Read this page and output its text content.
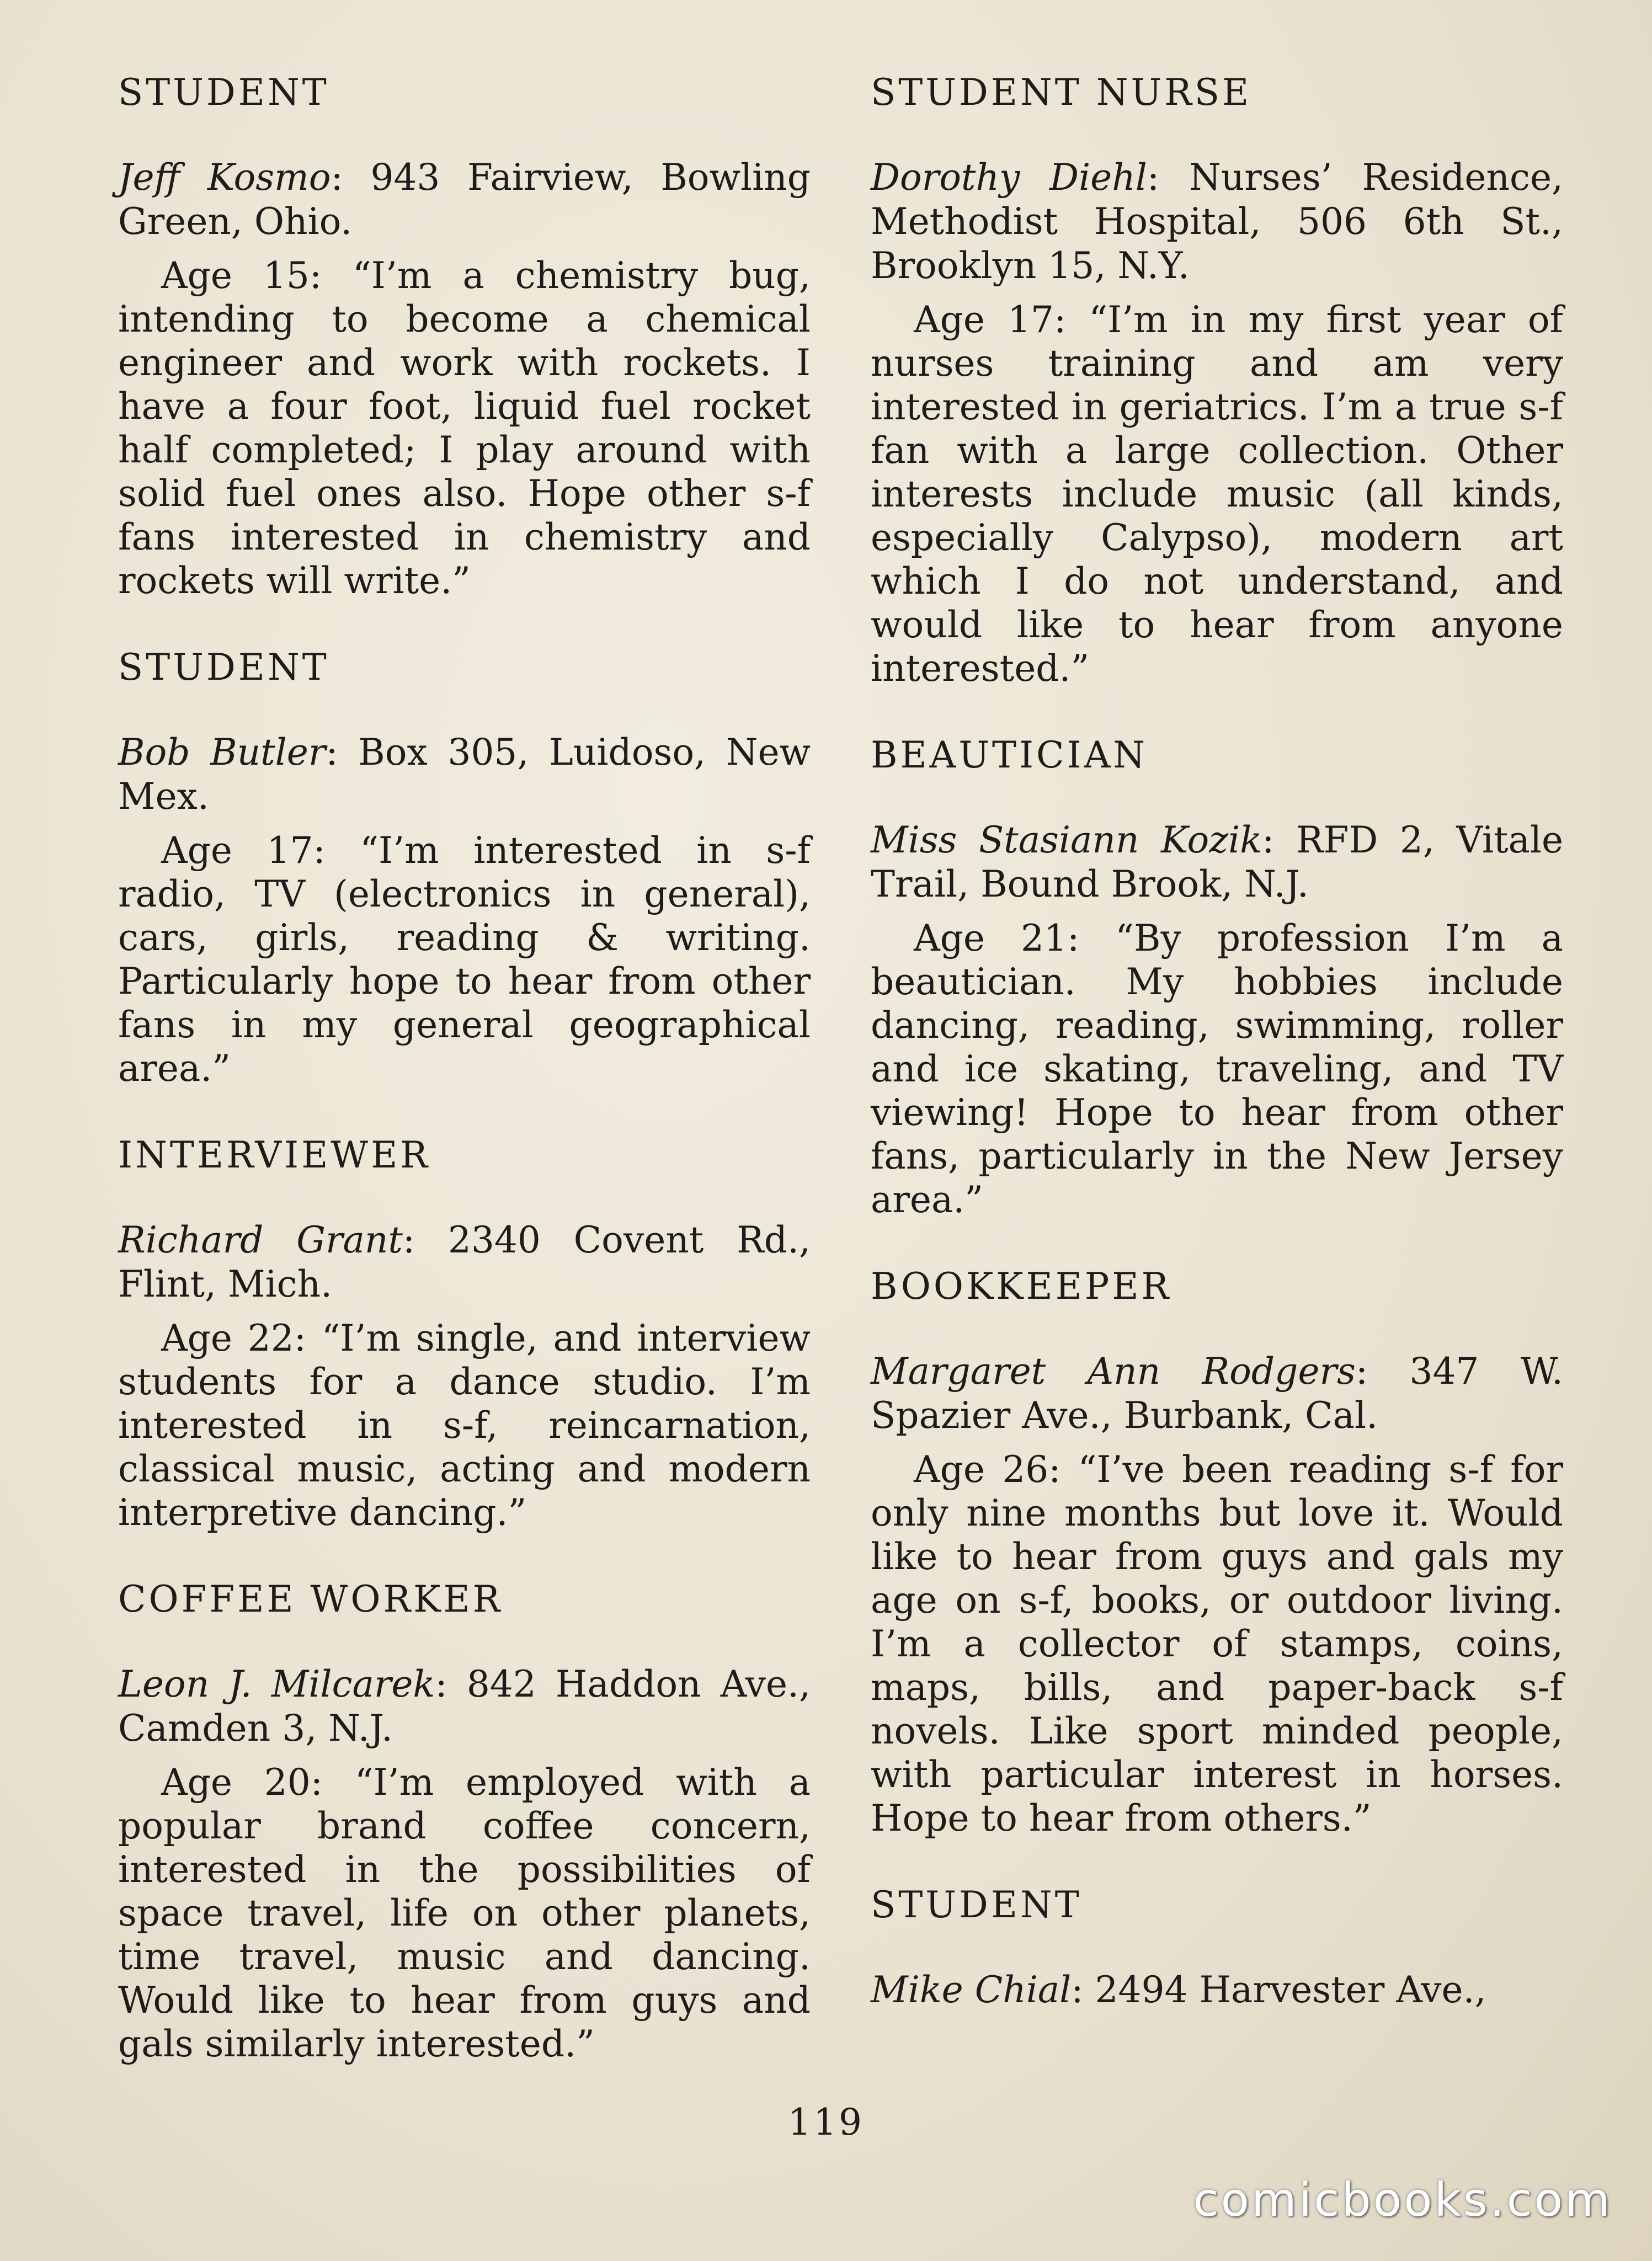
STUDENT

Jeff Kosmo: 943 Fairview, Bowling Green, Ohio.

Age 15: “I’m a chemistry bug, intending to become a chemical engineer and work with rockets. I have a four foot, liquid fuel rocket half completed; I play around with solid fuel ones also. Hope other s-f fans interested in chemistry and rockets will write.”

STUDENT

Bob Butler: Box 305, Luidoso, New Mex.

Age 17: “I’m interested in s-f radio, TV (electronics in general), cars, girls, reading & writing. Particularly hope to hear from other fans in my general geographical area.”

INTERVIEWER

Richard Grant: 2340 Covent Rd., Flint, Mich.

Age 22: “I’m single, and interview students for a dance studio. I’m interested in s-f, reincarnation, classical music, acting and modern interpretive dancing.”

COFFEE WORKER

Leon J. Milcarek: 842 Haddon Ave., Camden 3, N.J.

Age 20: “I’m employed with a popular brand coffee concern, interested in the possibilities of space travel, life on other planets, time travel, music and dancing. Would like to hear from guys and gals similarly interested.”

STUDENT NURSE

Dorothy Diehl: Nurses’ Residence, Methodist Hospital, 506 6th St., Brooklyn 15, N.Y.

Age 17: “I’m in my first year of nurses training and am very interested in geriatrics. I’m a true s-f fan with a large collection. Other interests include music (all kinds, especially Calypso), modern art which I do not understand, and would like to hear from anyone interested.”

BEAUTICIAN

Miss Stasiann Kozik: RFD 2, Vitale Trail, Bound Brook, N.J.

Age 21: “By profession I’m a beautician. My hobbies include dancing, reading, swimming, roller and ice skating, traveling, and TV viewing! Hope to hear from other fans, particularly in the New Jersey area.”

BOOKKEEPER

Margaret Ann Rodgers: 347 W. Spazier Ave., Burbank, Cal.

Age 26: “I’ve been reading s-f for only nine months but love it. Would like to hear from guys and gals my age on s-f, books, or outdoor living. I’m a collector of stamps, coins, maps, bills, and paper-back s-f novels. Like sport minded people, with particular interest in horses. Hope to hear from others.”

STUDENT

Mike Chial: 2494 Harvester Ave.,

119
comicbooks.com
